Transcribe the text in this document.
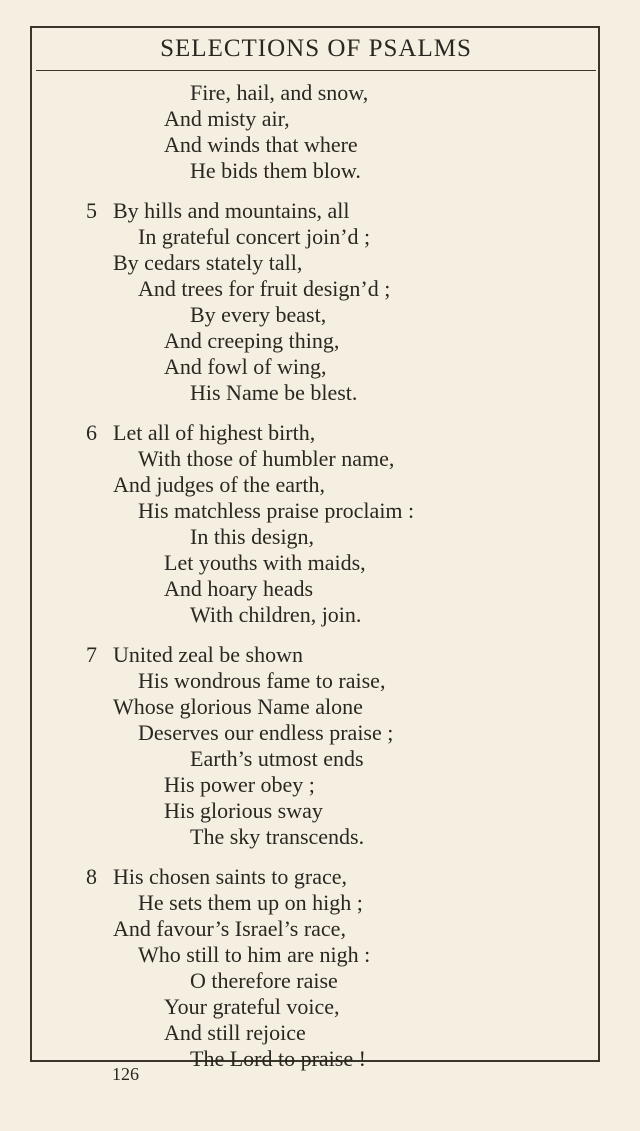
SELECTIONS OF PSALMS
Fire, hail, and snow,
And misty air,
And winds that where
He bids them blow.
5 By hills and mountains, all
In grateful concert join’d ;
By cedars stately tall,
And trees for fruit design’d ;
By every beast,
And creeping thing,
And fowl of wing,
His Name be blest.
6 Let all of highest birth,
With those of humbler name,
And judges of the earth,
His matchless praise proclaim :
In this design,
Let youths with maids,
And hoary heads
With children, join.
7 United zeal be shown
His wondrous fame to raise,
Whose glorious Name alone
Deserves our endless praise ;
Earth’s utmost ends
His power obey ;
His glorious sway
The sky transcends.
8 His chosen saints to grace,
He sets them up on high ;
And favour’s Israel’s race,
Who still to him are nigh :
O therefore raise
Your grateful voice,
And still rejoice
The Lord to praise !
126
